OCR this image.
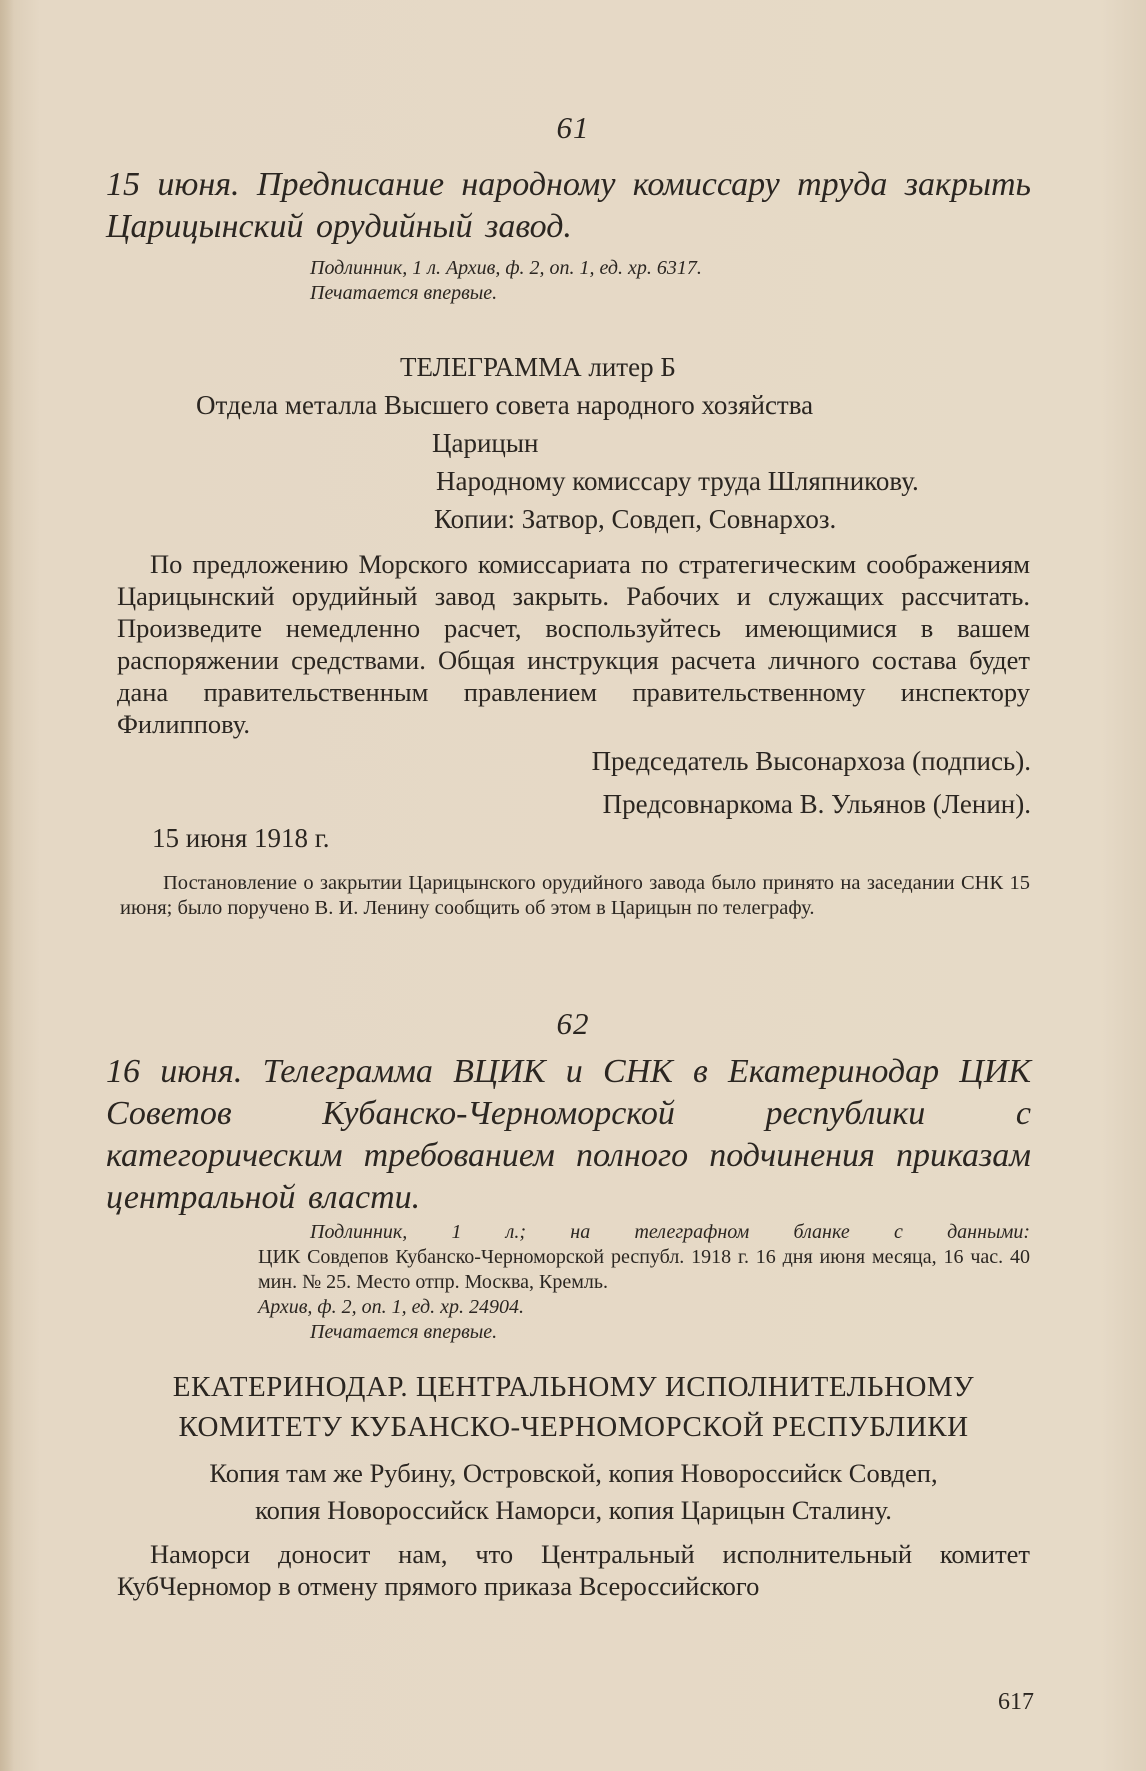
61
15 июня. Предписание народному комиссару труда закрыть Царицынский орудийный завод.
Подлинник, 1 л. Архив, ф. 2, оп. 1, ед. хр. 6317.
Печатается впервые.
ТЕЛЕГРАММА литер Б
Отдела металла Высшего совета народного хозяйства
Царицын
Народному комиссару труда Шляпникову.
Копии: Затвор, Совдеп, Совнархоз.
По предложению Морского комиссариата по стратегическим соображениям Царицынский орудийный завод закрыть. Рабочих и служащих рассчитать. Произведите немедленно расчет, воспользуйтесь имеющимися в вашем распоряжении средствами. Общая инструкция расчета личного состава будет дана правительственным правлением правительственному инспектору Филиппову.
Председатель Высонархоза (подпись).
Предсовнаркома В. Ульянов (Ленин).
15 июня 1918 г.
Постановление о закрытии Царицынского орудийного завода было принято на заседании СНК 15 июня; было поручено В. И. Ленину сообщить об этом в Царицын по телеграфу.
62
16 июня. Телеграмма ВЦИК и СНК в Екатеринодар ЦИК Советов Кубанско-Черноморской республики с категорическим требованием полного подчинения приказам центральной власти.
Подлинник, 1 л.; на телеграфном бланке с данными:
ЦИК Совдепов Кубанско-Черноморской республ. 1918 г. 16 дня июня месяца, 16 час. 40 мин. № 25. Место отпр. Москва, Кремль.
Архив, ф. 2, оп. 1, ед. хр. 24904.
Печатается впервые.
ЕКАТЕРИНОДАР. ЦЕНТРАЛЬНОМУ ИСПОЛНИТЕЛЬНОМУ КОМИТЕТУ КУБАНСКО-ЧЕРНОМОРСКОЙ РЕСПУБЛИКИ
Копия там же Рубину, Островской, копия Новороссийск Совдеп,
копия Новороссийск Наморси, копия Царицын Сталину.
Наморси доносит нам, что Центральный исполнительный комитет КубЧерномор в отмену прямого приказа Всероссийского
617
